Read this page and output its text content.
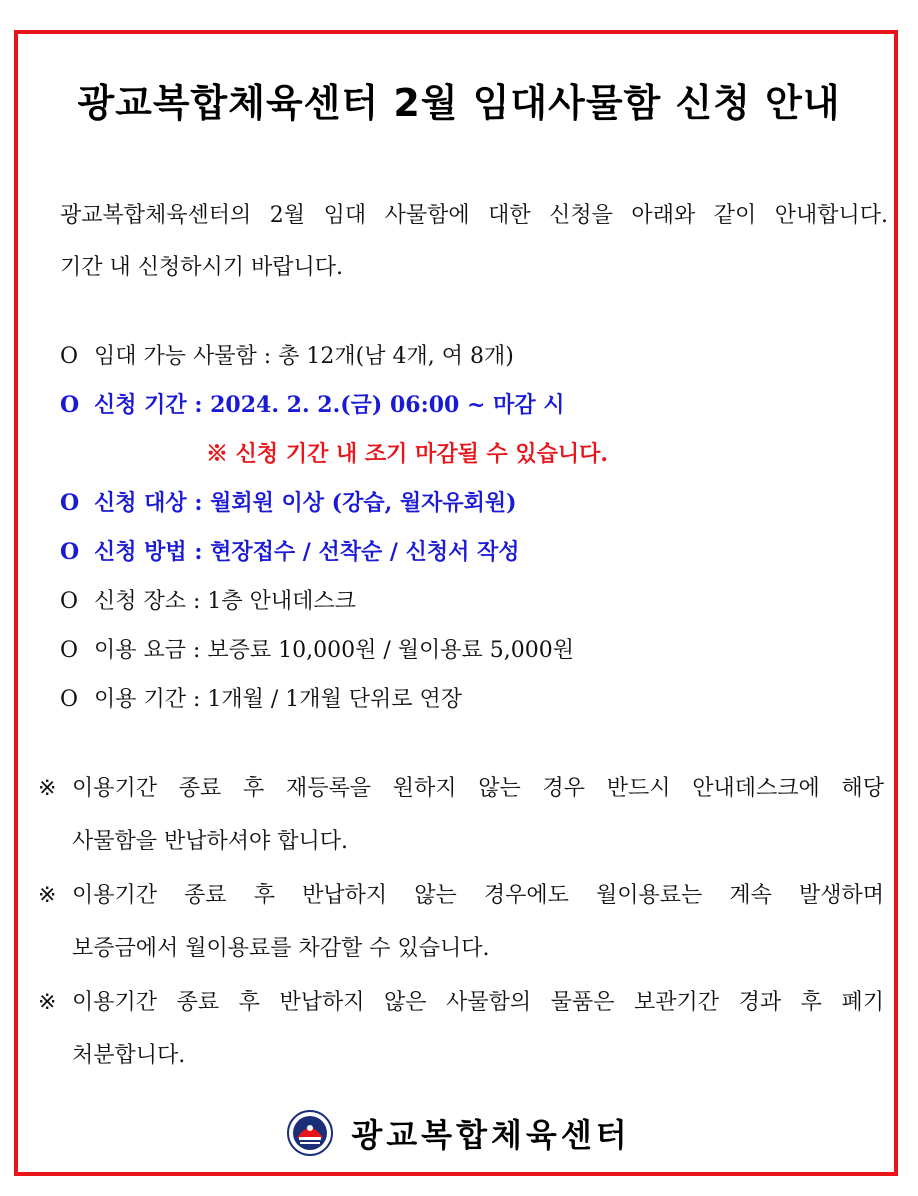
광교복합체육센터 2월 임대사물함 신청 안내
광교복합체육센터의 2월 임대 사물함에 대한 신청을 아래와 같이 안내합니다.
기간 내 신청하시기 바랍니다.
O 임대 가능 사물함 : 총 12개(남 4개, 여 8개)
O 신청 기간 : 2024. 2. 2.(금) 06:00 ~ 마감 시
※ 신청 기간 내 조기 마감될 수 있습니다.
O 신청 대상 : 월회원 이상 (강습, 월자유회원)
O 신청 방법 : 현장접수 / 선착순 / 신청서 작성
O 신청 장소 : 1층 안내데스크
O 이용 요금 : 보증료 10,000원 / 월이용료 5,000원
O 이용 기간 : 1개월 / 1개월 단위로 연장
※ 이용기간 종료 후 재등록을 원하지 않는 경우 반드시 안내데스크에 해당
사물함을 반납하셔야 합니다.
※ 이용기간 종료 후 반납하지 않는 경우에도 월이용료는 계속 발생하며
보증금에서 월이용료를 차감할 수 있습니다.
※ 이용기간 종료 후 반납하지 않은 사물함의 물품은 보관기간 경과 후 폐기
처분합니다.
광교복합체육센터
